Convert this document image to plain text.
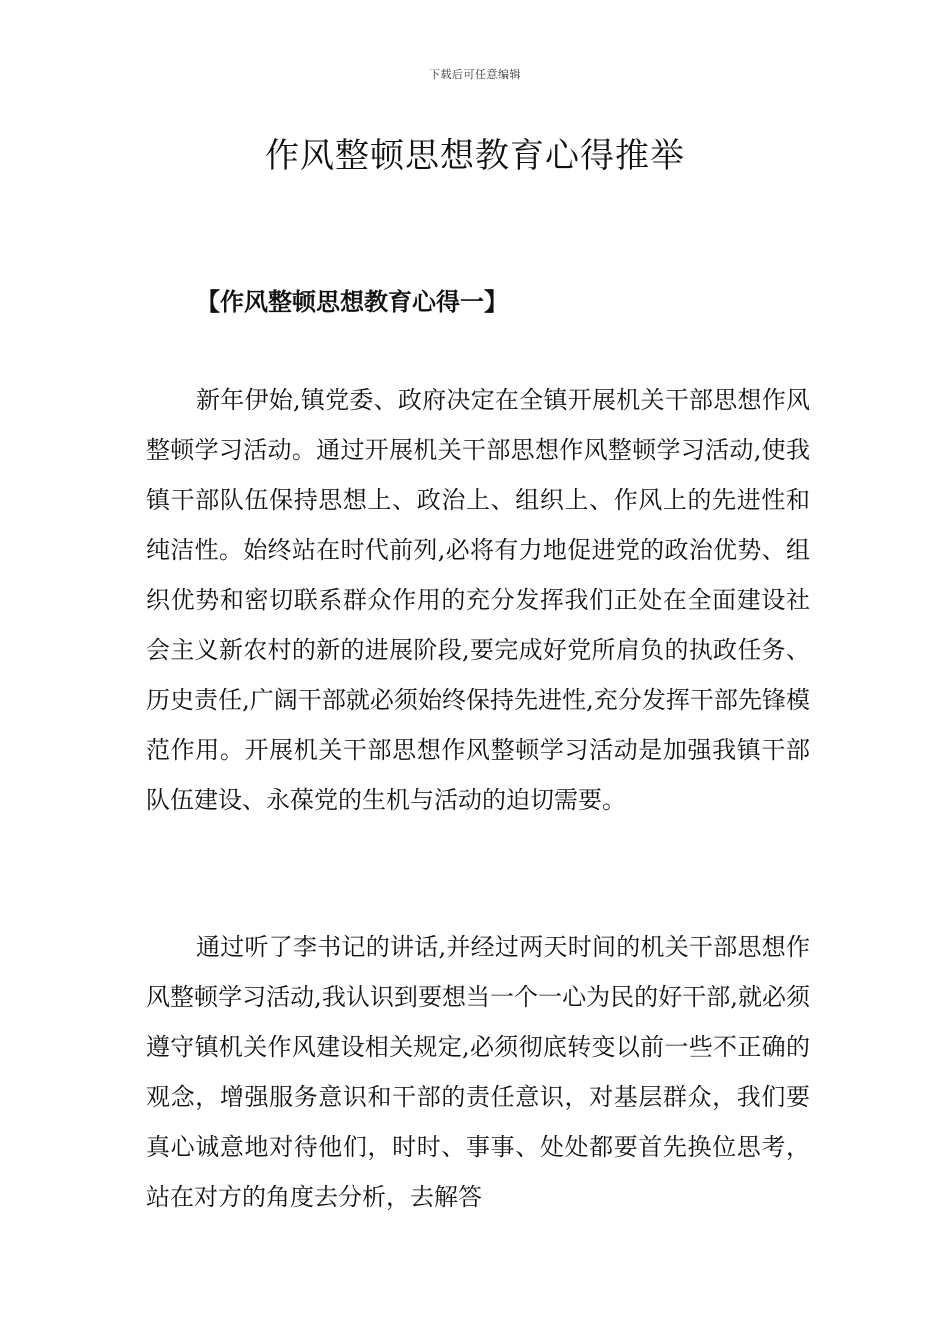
下载后可任意编辑
作风整顿思想教育心得推举
【作风整顿思想教育心得一】

新年伊始,镇党委、政府决定在全镇开展机关干部思想作风整顿学习活动。通过开展机关干部思想作风整顿学习活动,使我镇干部队伍保持思想上、政治上、组织上、作风上的先进性和纯洁性。始终站在时代前列,必将有力地促进党的政治优势、组织优势和密切联系群众作用的充分发挥我们正处在全面建设社会主义新农村的新的进展阶段,要完成好党所肩负的执政任务、历史责任,广阔干部就必须始终保持先进性,充分发挥干部先锋模范作用。开展机关干部思想作风整顿学习活动是加强我镇干部队伍建设、永葆党的生机与活动的迫切需要。

通过听了李书记的讲话,并经过两天时间的机关干部思想作风整顿学习活动,我认识到要想当一个一心为民的好干部,就必须遵守镇机关作风建设相关规定,必须彻底转变以前一些不正确的观念，增强服务意识和干部的责任意识，对基层群众，我们要真心诚意地对待他们，时时、事事、处处都要首先换位思考，站在对方的角度去分析，去解答
